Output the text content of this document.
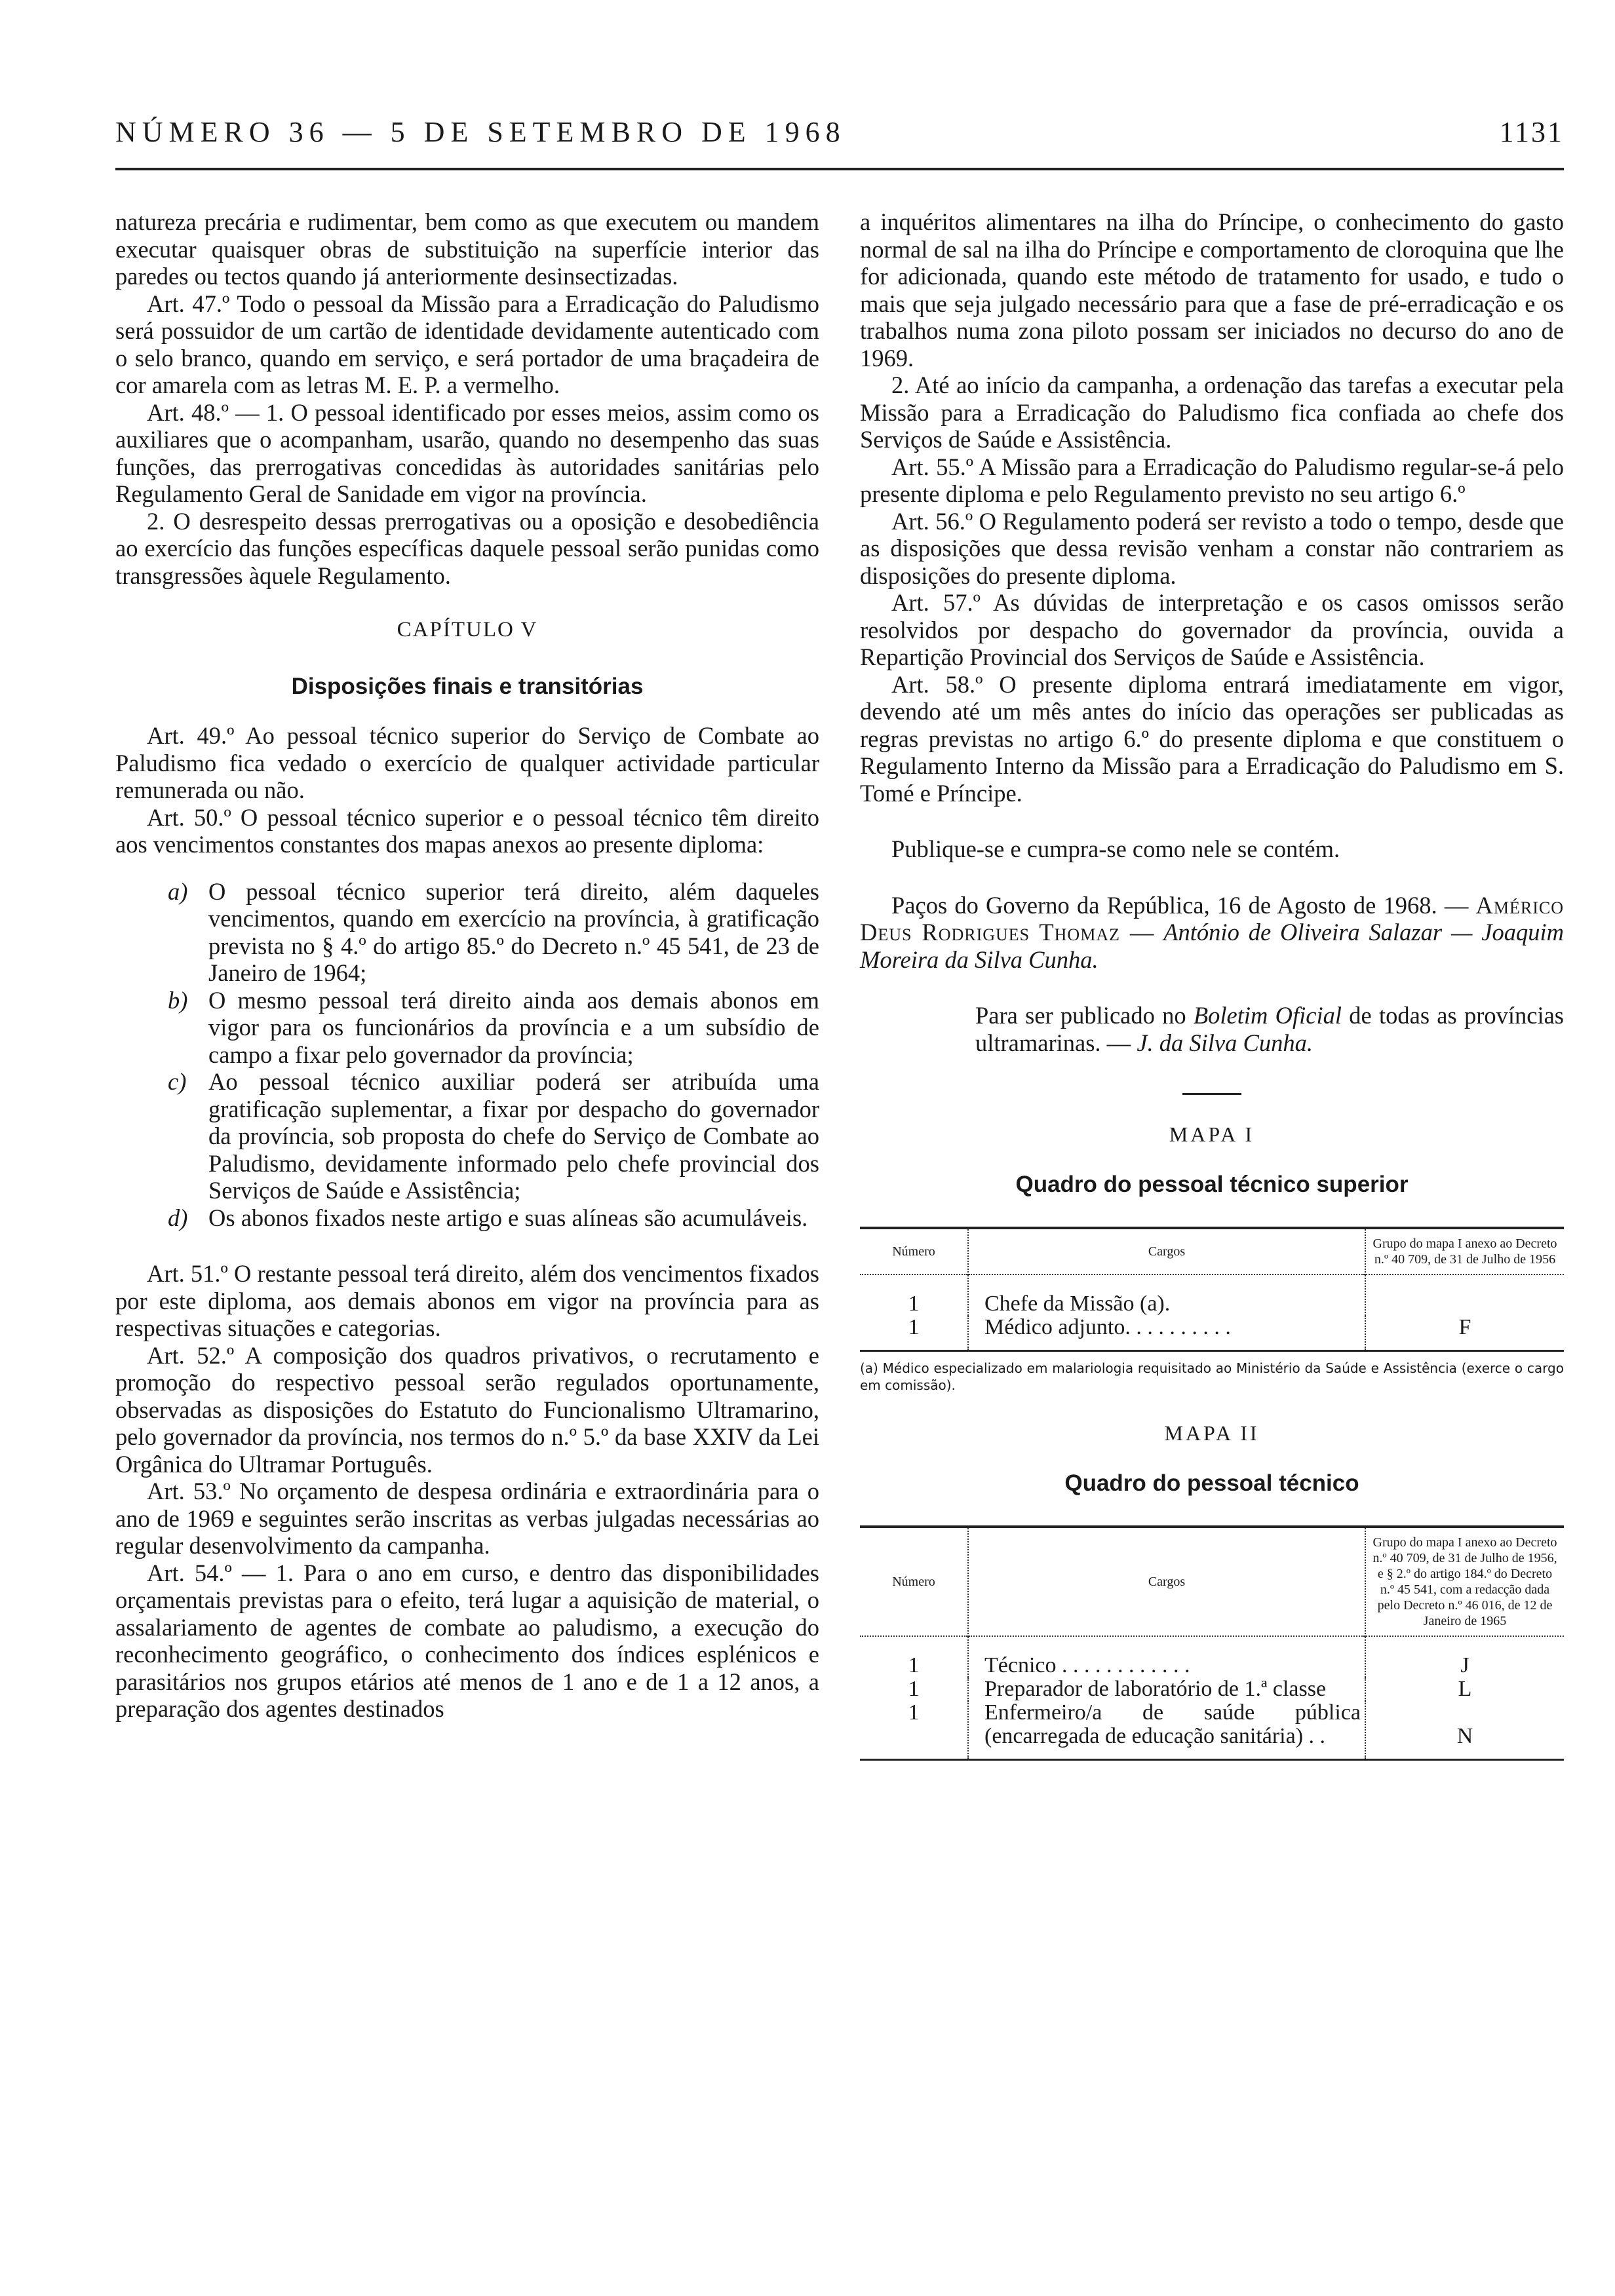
NÚMERO 36 — 5 DE SETEMBRO DE 1968	1131

natureza precária e rudimentar, bem como as que executem ou mandem executar quaisquer obras de substituição na superfície interior das paredes ou tectos quando já anteriormente desinsectizadas.

Art. 47.º Todo o pessoal da Missão para a Erradicação do Paludismo será possuidor de um cartão de identidade devidamente autenticado com o selo branco, quando em serviço, e será portador de uma braçadeira de cor amarela com as letras M. E. P. a vermelho.

Art. 48.º — 1. O pessoal identificado por esses meios, assim como os auxiliares que o acompanham, usarão, quando no desempenho das suas funções, das prerrogativas concedidas às autoridades sanitárias pelo Regulamento Geral de Sanidade em vigor na província.

2. O desrespeito dessas prerrogativas ou a oposição e desobediência ao exercício das funções específicas daquele pessoal serão punidas como transgressões àquele Regulamento.

CAPÍTULO V

Disposições finais e transitórias

Art. 49.º Ao pessoal técnico superior do Serviço de Combate ao Paludismo fica vedado o exercício de qualquer actividade particular remunerada ou não.

Art. 50.º O pessoal técnico superior e o pessoal técnico têm direito aos vencimentos constantes dos mapas anexos ao presente diploma:

a) O pessoal técnico superior terá direito, além daqueles vencimentos, quando em exercício na província, à gratificação prevista no § 4.º do artigo 85.º do Decreto n.º 45 541, de 23 de Janeiro de 1964;
b) O mesmo pessoal terá direito ainda aos demais abonos em vigor para os funcionários da província e a um subsídio de campo a fixar pelo governador da província;
c) Ao pessoal técnico auxiliar poderá ser atribuída uma gratificação suplementar, a fixar por despacho do governador da província, sob proposta do chefe do Serviço de Combate ao Paludismo, devidamente informado pelo chefe provincial dos Serviços de Saúde e Assistência;
d) Os abonos fixados neste artigo e suas alíneas são acumuláveis.

Art. 51.º O restante pessoal terá direito, além dos vencimentos fixados por este diploma, aos demais abonos em vigor na província para as respectivas situações e categorias.

Art. 52.º A composição dos quadros privativos, o recrutamento e promoção do respectivo pessoal serão regulados oportunamente, observadas as disposições do Estatuto do Funcionalismo Ultramarino, pelo governador da província, nos termos do n.º 5.º da base XXIV da Lei Orgânica do Ultramar Português.

Art. 53.º No orçamento de despesa ordinária e extraordinária para o ano de 1969 e seguintes serão inscritas as verbas julgadas necessárias ao regular desenvolvimento da campanha.

Art. 54.º — 1. Para o ano em curso, e dentro das disponibilidades orçamentais previstas para o efeito, terá lugar a aquisição de material, o assalariamento de agentes de combate ao paludismo, a execução do reconhecimento geográfico, o conhecimento dos índices esplénicos e parasitários nos grupos etários até menos de 1 ano e de 1 a 12 anos, a preparação dos agentes destinados

a inquéritos alimentares na ilha do Príncipe, o conhecimento do gasto normal de sal na ilha do Príncipe e comportamento de cloroquina que lhe for adicionada, quando este método de tratamento for usado, e tudo o mais que seja julgado necessário para que a fase de pré-erradicação e os trabalhos numa zona piloto possam ser iniciados no decurso do ano de 1969.

2. Até ao início da campanha, a ordenação das tarefas a executar pela Missão para a Erradicação do Paludismo fica confiada ao chefe dos Serviços de Saúde e Assistência.

Art. 55.º A Missão para a Erradicação do Paludismo regular-se-á pelo presente diploma e pelo Regulamento previsto no seu artigo 6.º

Art. 56.º O Regulamento poderá ser revisto a todo o tempo, desde que as disposições que dessa revisão venham a constar não contrariem as disposições do presente diploma.

Art. 57.º As dúvidas de interpretação e os casos omissos serão resolvidos por despacho do governador da província, ouvida a Repartição Provincial dos Serviços de Saúde e Assistência.

Art. 58.º O presente diploma entrará imediatamente em vigor, devendo até um mês antes do início das operações ser publicadas as regras previstas no artigo 6.º do presente diploma e que constituem o Regulamento Interno da Missão para a Erradicação do Paludismo em S. Tomé e Príncipe.

Publique-se e cumpra-se como nele se contém.

Paços do Governo da República, 16 de Agosto de 1968. — Américo Deus Rodrigues Thomaz — António de Oliveira Salazar — Joaquim Moreira da Silva Cunha.

Para ser publicado no Boletim Oficial de todas as províncias ultramarinas. — J. da Silva Cunha.

MAPA I

Quadro do pessoal técnico superior

Número	Cargos	Grupo do mapa I anexo ao Decreto n.º 40 709, de 31 de Julho de 1956
1	Chefe da Missão (a).	
1	Médico adjunto. . . . . . . . . .	F

(a) Médico especializado em malariologia requisitado ao Ministério da Saúde e Assistência (exerce o cargo em comissão).

MAPA II

Quadro do pessoal técnico

Número	Cargos	Grupo do mapa I anexo ao Decreto n.º 40 709, de 31 de Julho de 1956, e § 2.º do artigo 184.º do Decreto n.º 45 541, com a redacção dada pelo Decreto n.º 46 016, de 12 de Janeiro de 1965
1	Técnico . . . . . . . . . . . .	J
1	Preparador de laboratório de 1.ª classe	L
1	Enfermeiro/a de saúde pública (encarregada de educação sanitária) . .	N
